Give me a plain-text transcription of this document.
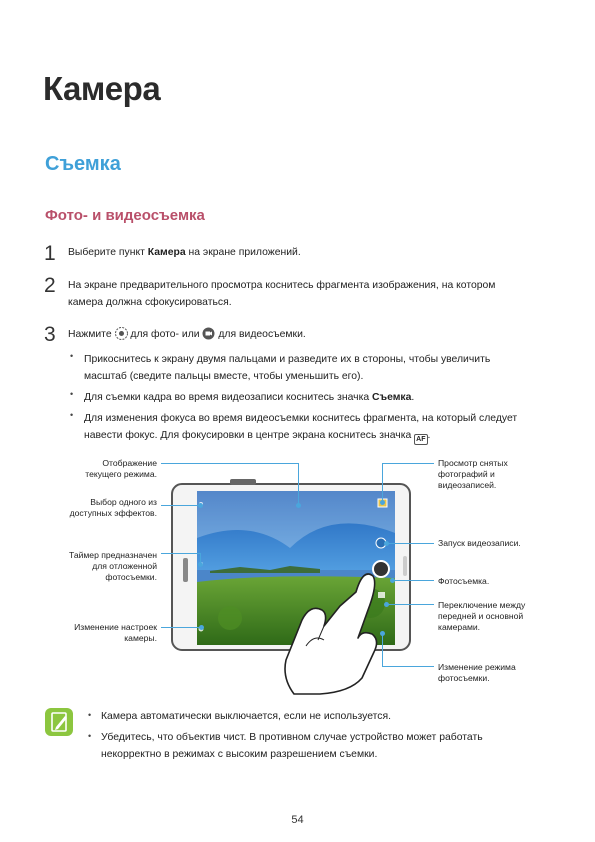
Камера
Съемка
Фото- и видеосъемка
1	Выберите пункт Камера на экране приложений.
2	На экране предварительного просмотра коснитесь фрагмента изображения, на котором
камера должна сфокусироваться.
3	Нажмите  для фото- или  для видеосъемки.
• Прикоснитесь к экрану двумя пальцами и разведите их в стороны, чтобы увеличить
масштаб (сведите пальцы вместе, чтобы уменьшить его).
• Для съемки кадра во время видеозаписи коснитесь значка Съемка.
• Для изменения фокуса во время видеосъемки коснитесь фрагмента, на который следует
навести фокус. Для фокусировки в центре экрана коснитесь значка AF .
Отображение
текущего режима.
Выбор одного из
доступных эффектов.
Таймер предназначен
для отложенной
фотосъемки.
Изменение настроек
камеры.
Просмотр снятых
фотографий и
видеозаписей.
Запуск видеозаписи.
Фотосъемка.
Переключение между
передней и основной
камерами.
Изменение режима
фотосъемки.
• Камера автоматически выключается, если не используется.
• Убедитесь, что объектив чист. В противном случае устройство может работать
некорректно в режимах с высоким разрешением съемки.
54
